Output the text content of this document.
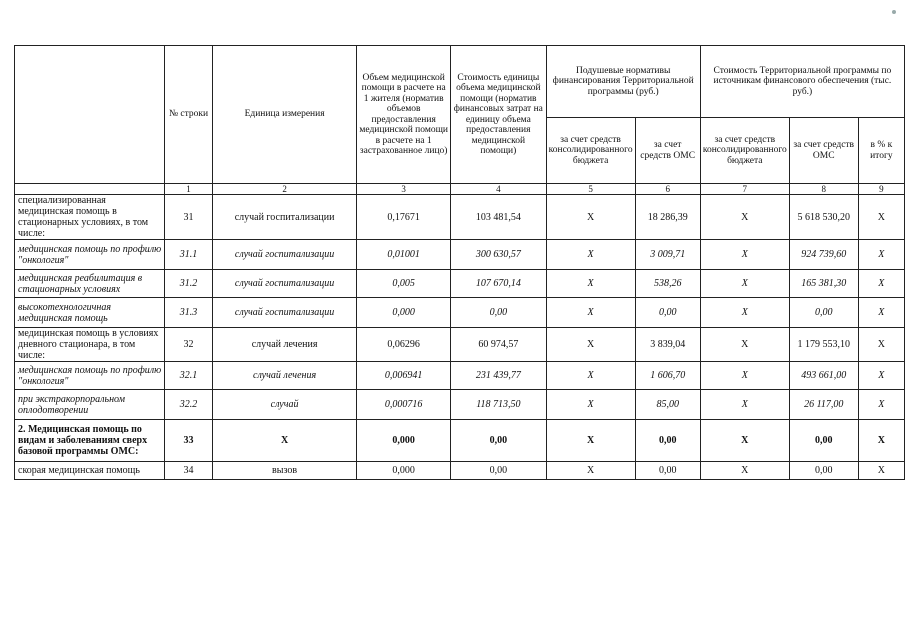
	№ строки	Единица измерения	Объем медицинской помощи в расчете на 1 жителя (норматив объемов предоставления медицинской помощи в расчете на 1 застрахованное лицо)	Стоимость единицы объема медицинской помощи (норматив финансовых затрат на единицу объема предоставления медицинской помощи)	Подушевые нормативы финансирования Территориальной программы (руб.)		Стоимость Территориальной программы по источникам финансового обеспечения (тыс. руб.)		
					за счет средств консолидированного бюджета	за счет средств ОМС	за счет средств консолидированного бюджета	за счет средств ОМС	в % к итогу
	1	2	3	4	5	6	7	8	9
специализированная медицинская помощь в стационарных условиях, в том числе:	31	случай госпитализации	0,17671	103 481,54	Х	18 286,39	Х	5 618 530,20	Х
медицинская помощь по профилю "онкология"	31.1	случай госпитализации	0,01001	300 630,57	Х	3 009,71	Х	924 739,60	Х
медицинская реабилитация в стационарных условиях	31.2	случай госпитализации	0,005	107 670,14	Х	538,26	Х	165 381,30	Х
высокотехнологичная медицинская помощь	31.3	случай госпитализации	0,000	0,00	Х	0,00	Х	0,00	Х
медицинская помощь в условиях дневного стационара, в том числе:	32	случай лечения	0,06296	60 974,57	Х	3 839,04	Х	1 179 553,10	Х
медицинская помощь по профилю "онкология"	32.1	случай лечения	0,006941	231 439,77	Х	1 606,70	Х	493 661,00	Х
при экстракорпоральном оплодотворении	32.2	случай	0,000716	118 713,50	Х	85,00	Х	26 117,00	Х
2. Медицинская помощь по видам и заболеваниям сверх базовой программы ОМС:	33	Х	0,000	0,00	Х	0,00	Х	0,00	Х
скорая медицинская помощь	34	вызов	0,000	0,00	Х	0,00	Х	0,00	Х
